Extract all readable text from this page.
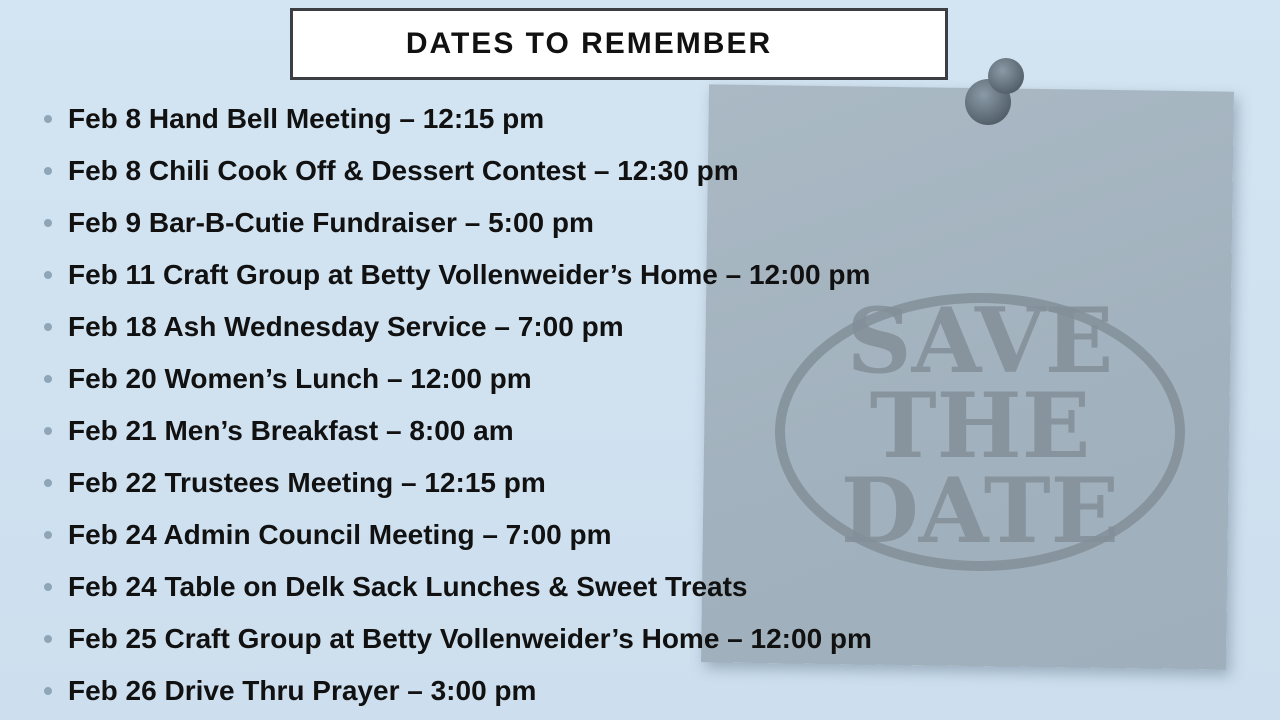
SAVE
THE
DATE
DATES TO REMEMBER
Feb 8 Hand Bell Meeting – 12:15 pm
Feb 8 Chili Cook Off & Dessert Contest – 12:30 pm
Feb 9 Bar-B-Cutie Fundraiser – 5:00 pm
Feb 11 Craft Group at Betty Vollenweider’s Home – 12:00 pm
Feb 18 Ash Wednesday Service – 7:00 pm
Feb 20 Women’s Lunch – 12:00 pm
Feb 21 Men’s Breakfast – 8:00 am
Feb 22 Trustees Meeting – 12:15 pm
Feb 24 Admin Council Meeting – 7:00 pm
Feb 24 Table on Delk Sack Lunches & Sweet Treats
Feb 25 Craft Group at Betty Vollenweider’s Home – 12:00 pm
Feb 26 Drive Thru Prayer – 3:00 pm
